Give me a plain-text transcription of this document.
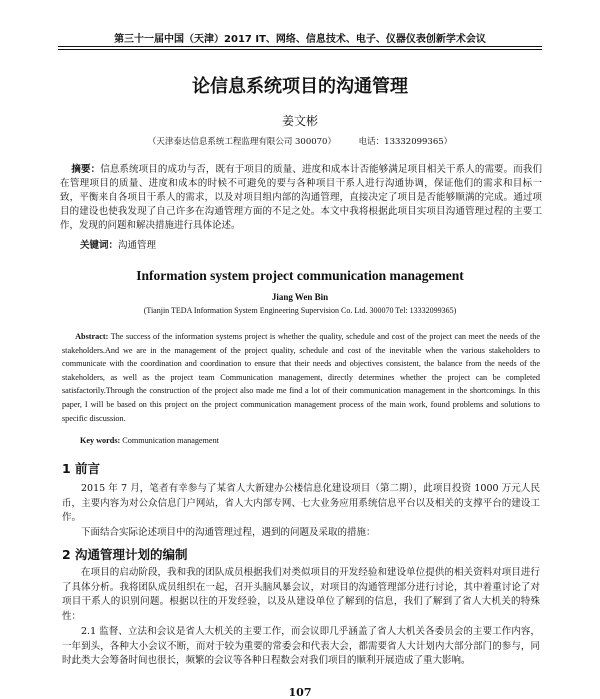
第三十一届中国（天津）2017 IT、网络、信息技术、电子、仪器仪表创新学术会议
论信息系统项目的沟通管理
姜文彬
（天津泰达信息系统工程监理有限公司 300070）	电话：13332099365）
摘要：信息系统项目的成功与否，既有于项目的质量、进度和成本计否能够满足项目相关干系人的需要。而我们在管理项目的质量、进度和成本的时候不可避免的要与各种项目干系人进行沟通协调，保证他们的需求和目标一致，平衡来自各项目干系人的需求，以及对项目组内部的沟通管理，直接决定了项目是否能够顺满的完成。通过项目的建设也使我发现了自己许多在沟通管理方面的不足之处。本文中我将根据此项目实项目沟通管理过程的主要工作，发现的问题和解决措施进行具体论述。
关键词：沟通管理
Information system project communication management
Jiang Wen Bin
(Tianjin TEDA Information System Engineering Supervision Co. Ltd. 300070 Tel: 13332099365)
Abstract: The success of the information systems project is whether the quality, schedule and cost of the project can meet the needs of the stakeholders.And we are in the management of the project quality, schedule and cost of the inevitable when the various stakeholders to communicate with the coordination and coordination to ensure that their needs and objectives consistent, the balance from the needs of the stakeholders, as well as the project team Communication management, directly determines whether the project can be completed satisfactorily.Through the construction of the project also made me find a lot of their communication management in the shortcomings. In this paper, I will be based on this project on the project communication management process of the main work, found problems and solutions to specific discussion.
Key words: Communication management
1 前言
2015 年 7 月，笔者有幸参与了某省人大新建办公楼信息化建设项目（第二期），此项目投资 1000 万元人民币，主要内容为对公众信息门户网站，省人大内部专网、七大业务应用系统信息平台以及相关的支撑平台的建设工作。
下面结合实际论述项目中的沟通管理过程，遇到的问题及采取的措施：
2 沟通管理计划的编制
在项目的启动阶段，我和我的团队成员根据我们对类似项目的开发经验和建设单位提供的相关资料对项目进行了具体分析。我将团队成员组织在一起，召开头脑风暴会议，对项目的沟通管理部分进行讨论，其中着重讨论了对项目干系人的识别问题。根据以往的开发经验，以及从建设单位了解到的信息，我们了解到了省人大机关的特殊性：
2.1 监督、立法和会议是省人大机关的主要工作，而会议即几乎涵盖了省人大机关各委员会的主要工作内容，一年到头，各种大小会议不断，而对于较为重要的常委会和代表大会，都需要省人大计划内大部分部门的参与，同时此类大会筹备时间也很长，频繁的会议等各种日程数会对我们项目的顺利开展造成了重大影响。
107
